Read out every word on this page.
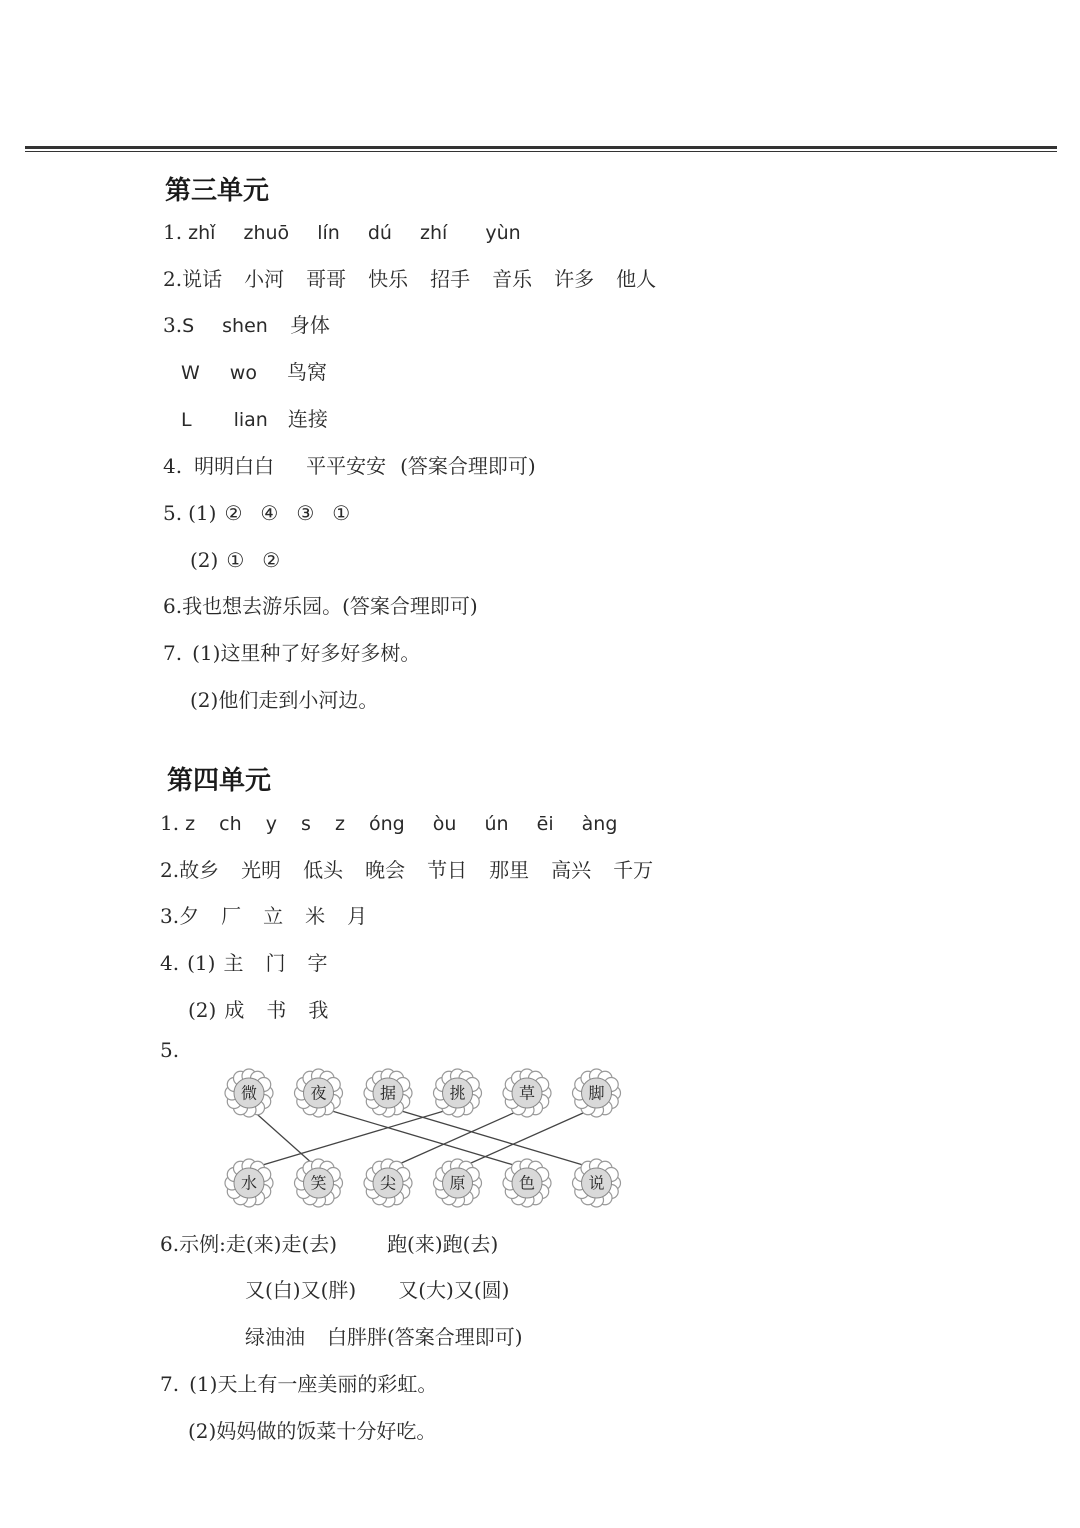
第三单元
1. zhǐ zhuō lín dú zhí yùn
2.说话 小河 哥哥 快乐 招手 音乐 许多 他人
3.S shen 身体
W wo 鸟窝
L lian 连接
4. 明明白白 平平安安 (答案合理即可)
5. (1) ② ④ ③ ①
(2) ① ②
6.我也想去游乐园。(答案合理即可)
7. (1)这里种了好多好多树。
(2)他们走到小河边。
第四单元
1. z ch y s z óng òu ún ēi àng
2.故乡 光明 低头 晚会 节日 那里 高兴 千万
3.夕 厂 立 米 月
4. (1) 主 门 字
(2) 成 书 我
5.
微	夜	据	挑	草	脚
水	笑	尖	原	色	说
6.示例:走(来)走(去)	跑(来)跑(去)
又(白)又(胖) 又(大)又(圆)
绿油油 白胖胖(答案合理即可)
7. (1)天上有一座美丽的彩虹。
(2)妈妈做的饭菜十分好吃。
